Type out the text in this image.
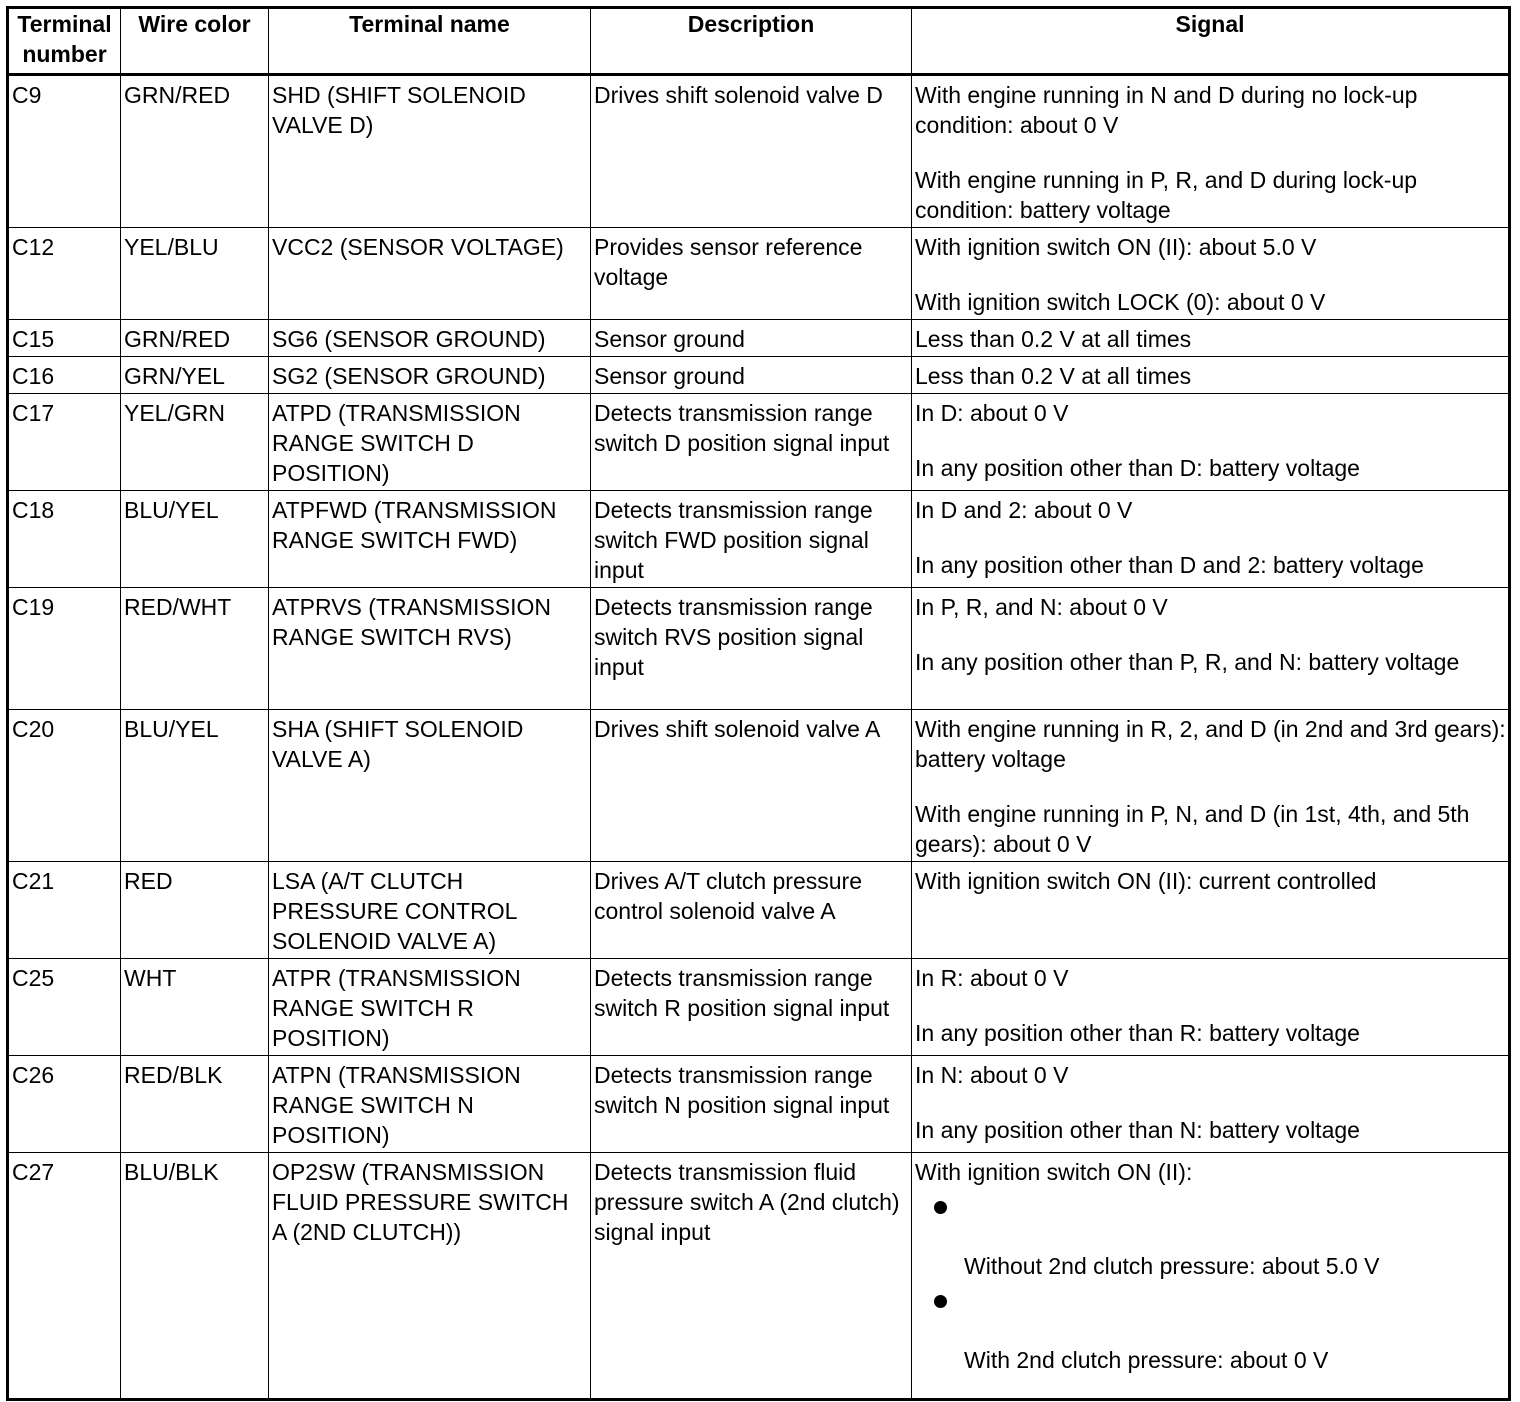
Terminal number	Wire color	Terminal name	Description	Signal
C9	GRN/RED	SHD (SHIFT SOLENOID VALVE D)	Drives shift solenoid valve D	With engine running in N and D during no lock-up condition: about 0 V
With engine running in P, R, and D during lock-up condition: battery voltage

C12	YEL/BLU	VCC2 (SENSOR VOLTAGE)	Provides sensor reference voltage	With ignition switch ON (II): about 5.0 V
With ignition switch LOCK (0): about 0 V

C15	GRN/RED	SG6 (SENSOR GROUND)	Sensor ground	Less than 0.2 V at all times

C16	GRN/YEL	SG2 (SENSOR GROUND)	Sensor ground	Less than 0.2 V at all times

C17	YEL/GRN	ATPD (TRANSMISSION RANGE SWITCH D POSITION)	Detects transmission range switch D position signal input	In D: about 0 V
In any position other than D: battery voltage

C18	BLU/YEL	ATPFWD (TRANSMISSION RANGE SWITCH FWD)	Detects transmission range switch FWD position signal input	In D and 2: about 0 V
In any position other than D and 2: battery voltage

C19	RED/WHT	ATPRVS (TRANSMISSION RANGE SWITCH RVS)	Detects transmission range switch RVS position signal input	In P, R, and N: about 0 V
In any position other than P, R, and N: battery voltage

C20	BLU/YEL	SHA (SHIFT SOLENOID VALVE A)	Drives shift solenoid valve A	With engine running in R, 2, and D (in 2nd and 3rd gears): battery voltage
With engine running in P, N, and D (in 1st, 4th, and 5th gears): about 0 V

C21	RED	LSA (A/T CLUTCH PRESSURE CONTROL SOLENOID VALVE A)	Drives A/T clutch pressure control solenoid valve A	With ignition switch ON (II): current controlled

C25	WHT	ATPR (TRANSMISSION RANGE SWITCH R POSITION)	Detects transmission range switch R position signal input	In R: about 0 V
In any position other than R: battery voltage

C26	RED/BLK	ATPN (TRANSMISSION RANGE SWITCH N POSITION)	Detects transmission range switch N position signal input	In N: about 0 V
In any position other than N: battery voltage

C27	BLU/BLK	OP2SW (TRANSMISSION FLUID PRESSURE SWITCH A (2ND CLUTCH))	Detects transmission fluid pressure switch A (2nd clutch) signal input	With ignition switch ON (II):
Without 2nd clutch pressure: about 5.0 V
With 2nd clutch pressure: about 0 V
